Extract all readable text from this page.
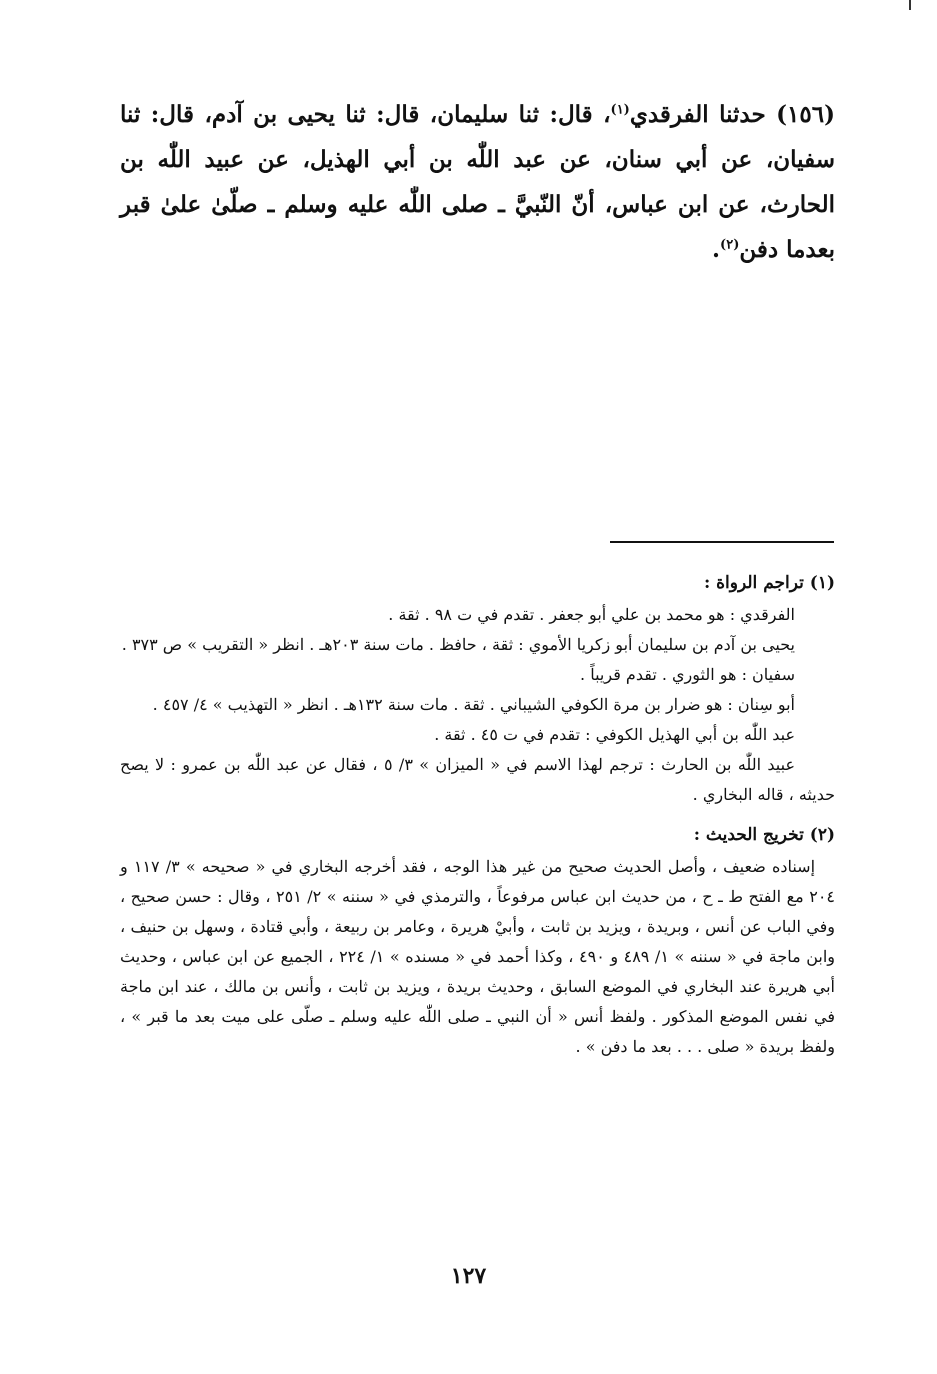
(١٥٦) حدثنا الفرقدي$^{(١)}$، قال: ثنا سليمان، قال: ثنا يحيى بن آدم، قال: ثنا سفيان، عن أبي سنان، عن عبد اللّٰه بن أبي الهذيل، عن عبيد اللّٰه بن الحارث، عن ابن عباس، أنّ النّبيَّ ـ صلى اللّٰه عليه وسلم ـ صلّىٰ علىٰ قبر بعدما دفن$^{(٢)}$.

(١) تراجم الرواة :

الفرقدي : هو محمد بن علي أبو جعفر . تقدم في ت ٩٨ . ثقة .

يحيى بن آدم بن سليمان أبو زكريا الأموي : ثقة ، حافظ . مات سنة ٢٠٣هـ . انظر « التقريب » ص ٣٧٣ .

سفيان : هو الثوري . تقدم قريباً .

أبو سِنان : هو ضرار بن مرة الكوفي الشيباني . ثقة . مات سنة ١٣٢هـ . انظر « التهذيب » ٤/ ٤٥٧ .

عبد اللّٰه بن أبي الهذيل الكوفي : تقدم في ت ٤٥ . ثقة .

عبيد اللّٰه بن الحارث : ترجم لهذا الاسم في « الميزان » ٣/ ٥ ، فقال عن عبد اللّٰه بن عمرو : لا يصح حديثه ، قاله البخاري .

(٢) تخريج الحديث :

إسناده ضعيف ، وأصل الحديث صحيح من غير هذا الوجه ، فقد أخرجه البخاري في « صحيحه » ٣/ ١١٧ و ٢٠٤ مع الفتح ط ـ ح ، من حديث ابن عباس مرفوعاً ، والترمذي في « سننه » ٢/ ٢٥١ ، وقال : حسن صحيح ، وفي الباب عن أنس ، وبريدة ، ويزيد بن ثابت ، وأبيْ هريرة ، وعامر بن ربيعة ، وأبي قتادة ، وسهل بن حنيف ، وابن ماجة في « سننه » ١/ ٤٨٩ و ٤٩٠ ، وكذا أحمد في « مسنده » ١/ ٢٢٤ ، الجميع عن ابن عباس ، وحديث أبي هريرة عند البخاري في الموضع السابق ، وحديث بريدة ، ويزيد بن ثابت ، وأنس بن مالك ، عند ابن ماجة في نفس الموضع المذكور . ولفظ أنس « أن النبي ـ صلى اللّٰه عليه وسلم ـ صلّى على ميت بعد ما قبر » ، ولفظ بريدة « صلى . . . بعد ما دفن » .

١٢٧
